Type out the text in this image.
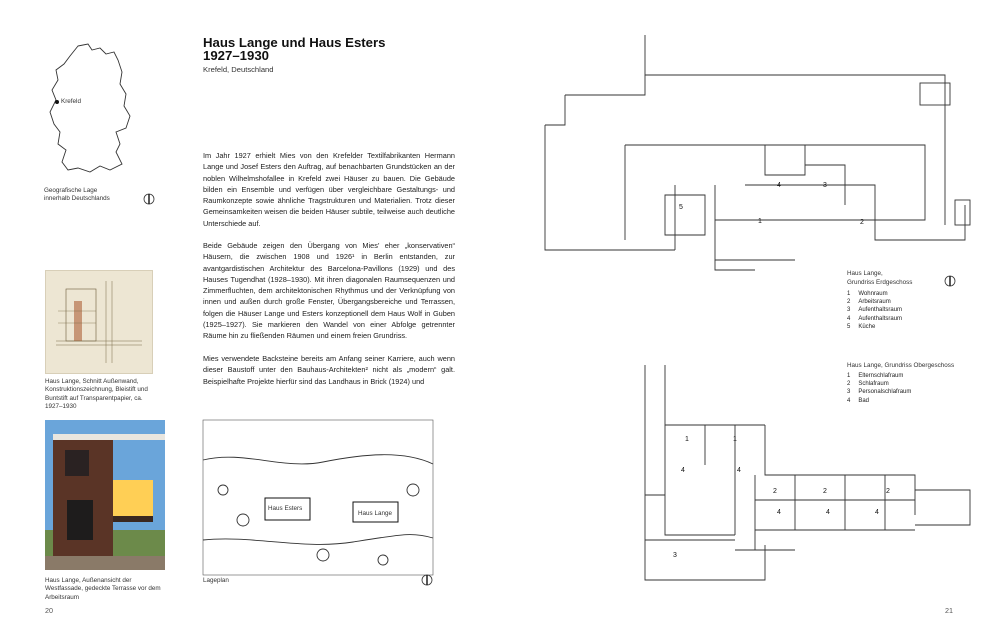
Krefeld
Geografische Lage
innerhalb Deutschlands
Haus Lange, Schnitt Außenwand, Konstruktionszeichnung, Bleistift und Buntstift auf Transparentpapier, ca. 1927–1930
Haus Lange, Außenansicht der Westfassade, gedeckte Terrasse vor dem Arbeitsraum
Haus Lange und Haus Esters
1927–1930
Krefeld, Deutschland

Im Jahr 1927 erhielt Mies von den Krefelder Textilfabrikanten Hermann Lange und Josef Esters den Auftrag, auf benachbarten Grundstücken an der noblen Wilhelmshofallee in Krefeld zwei Häuser zu bauen. Die Gebäude bilden ein Ensemble und verfügen über vergleichbare Gestaltungs- und Raumkonzepte sowie ähnliche Tragstrukturen und Materialien. Trotz dieser Gemeinsamkeiten weisen die beiden Häuser subtile, teilweise auch deutliche Unterschiede auf.

Beide Gebäude zeigen den Übergang von Mies’ eher „konservativen“ Häusern, die zwischen 1908 und 1926¹ in Berlin entstanden, zur avantgardistischen Architektur des Barcelona-Pavillons (1929) und des Hauses Tugendhat (1928–1930). Mit ihren diagonalen Raumsequenzen und Zimmerfluchten, dem architektonischen Rhythmus und der Verknüpfung von innen und außen durch große Fenster, Übergangsbereiche und Terrassen, folgen die Häuser Lange und Esters konzeptionell dem Haus Wolf in Guben (1925–1927). Sie markieren den Wandel von einer Abfolge getrennter Räume hin zu fließenden Räumen und einem freien Grundriss.

Mies verwendete Backsteine bereits am Anfang seiner Karriere, auch wenn dieser Baustoff unter den Bauhaus-Architekten² nicht als „modern“ galt. Beispielhafte Projekte hierfür sind das Landhaus in Brick (1924) und

Haus Esters
Haus Lange
Lageplan
20
5
1
4	3
2
Haus Lange,
Grundriss Erdgeschoss
1 Wohnraum
2 Arbeitsraum
3 Aufenthaltsraum
4 Aufenthaltsraum
5 Küche
Haus Lange, Grundriss Obergeschoss
1 Elternschlafraum
2 Schlafraum
3 Personalschlafraum
4 Bad
1	1
4	4
2	2	2
4	4	4
3
21
